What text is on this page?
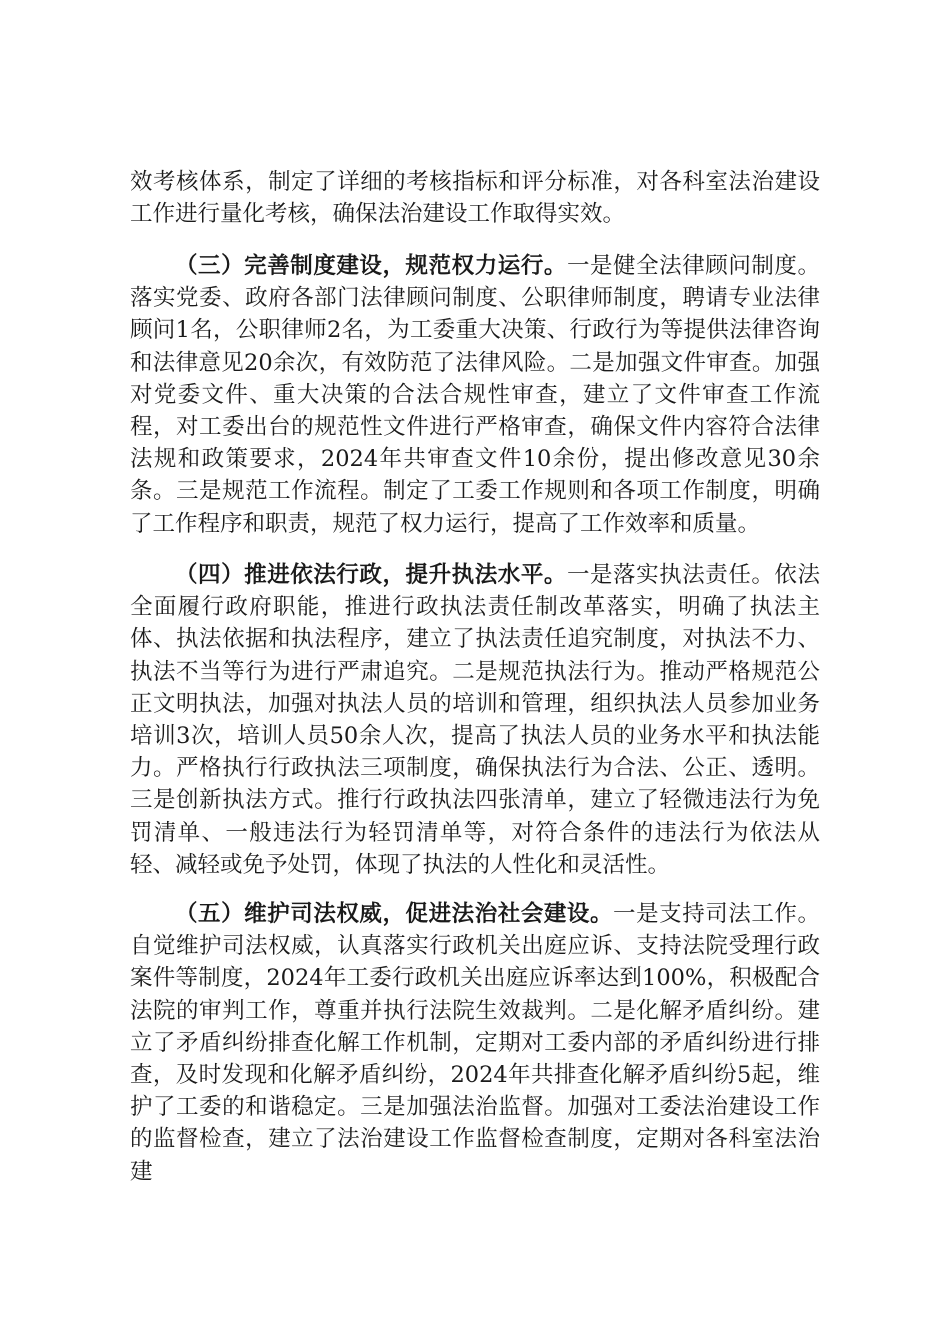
效考核体系，制定了详细的考核指标和评分标准，对各科室法治建设工作进行量化考核，确保法治建设工作取得实效。

（三）完善制度建设，规范权力运行。一是健全法律顾问制度。落实党委、政府各部门法律顾问制度、公职律师制度，聘请专业法律顾问1名，公职律师2名，为工委重大决策、行政行为等提供法律咨询和法律意见20余次，有效防范了法律风险。二是加强文件审查。加强对党委文件、重大决策的合法合规性审查，建立了文件审查工作流程，对工委出台的规范性文件进行严格审查，确保文件内容符合法律法规和政策要求，2024年共审查文件10余份，提出修改意见30余条。三是规范工作流程。制定了工委工作规则和各项工作制度，明确了工作程序和职责，规范了权力运行，提高了工作效率和质量。

（四）推进依法行政，提升执法水平。一是落实执法责任。依法全面履行政府职能，推进行政执法责任制改革落实，明确了执法主体、执法依据和执法程序，建立了执法责任追究制度，对执法不力、执法不当等行为进行严肃追究。二是规范执法行为。推动严格规范公正文明执法，加强对执法人员的培训和管理，组织执法人员参加业务培训3次，培训人员50余人次，提高了执法人员的业务水平和执法能力。严格执行行政执法三项制度，确保执法行为合法、公正、透明。三是创新执法方式。推行行政执法四张清单，建立了轻微违法行为免罚清单、一般违法行为轻罚清单等，对符合条件的违法行为依法从轻、减轻或免予处罚，体现了执法的人性化和灵活性。

（五）维护司法权威，促进法治社会建设。一是支持司法工作。自觉维护司法权威，认真落实行政机关出庭应诉、支持法院受理行政案件等制度，2024年工委行政机关出庭应诉率达到100%，积极配合法院的审判工作，尊重并执行法院生效裁判。二是化解矛盾纠纷。建立了矛盾纠纷排查化解工作机制，定期对工委内部的矛盾纠纷进行排查，及时发现和化解矛盾纠纷，2024年共排查化解矛盾纠纷5起，维护了工委的和谐稳定。三是加强法治监督。加强对工委法治建设工作的监督检查，建立了法治建设工作监督检查制度，定期对各科室法治建
